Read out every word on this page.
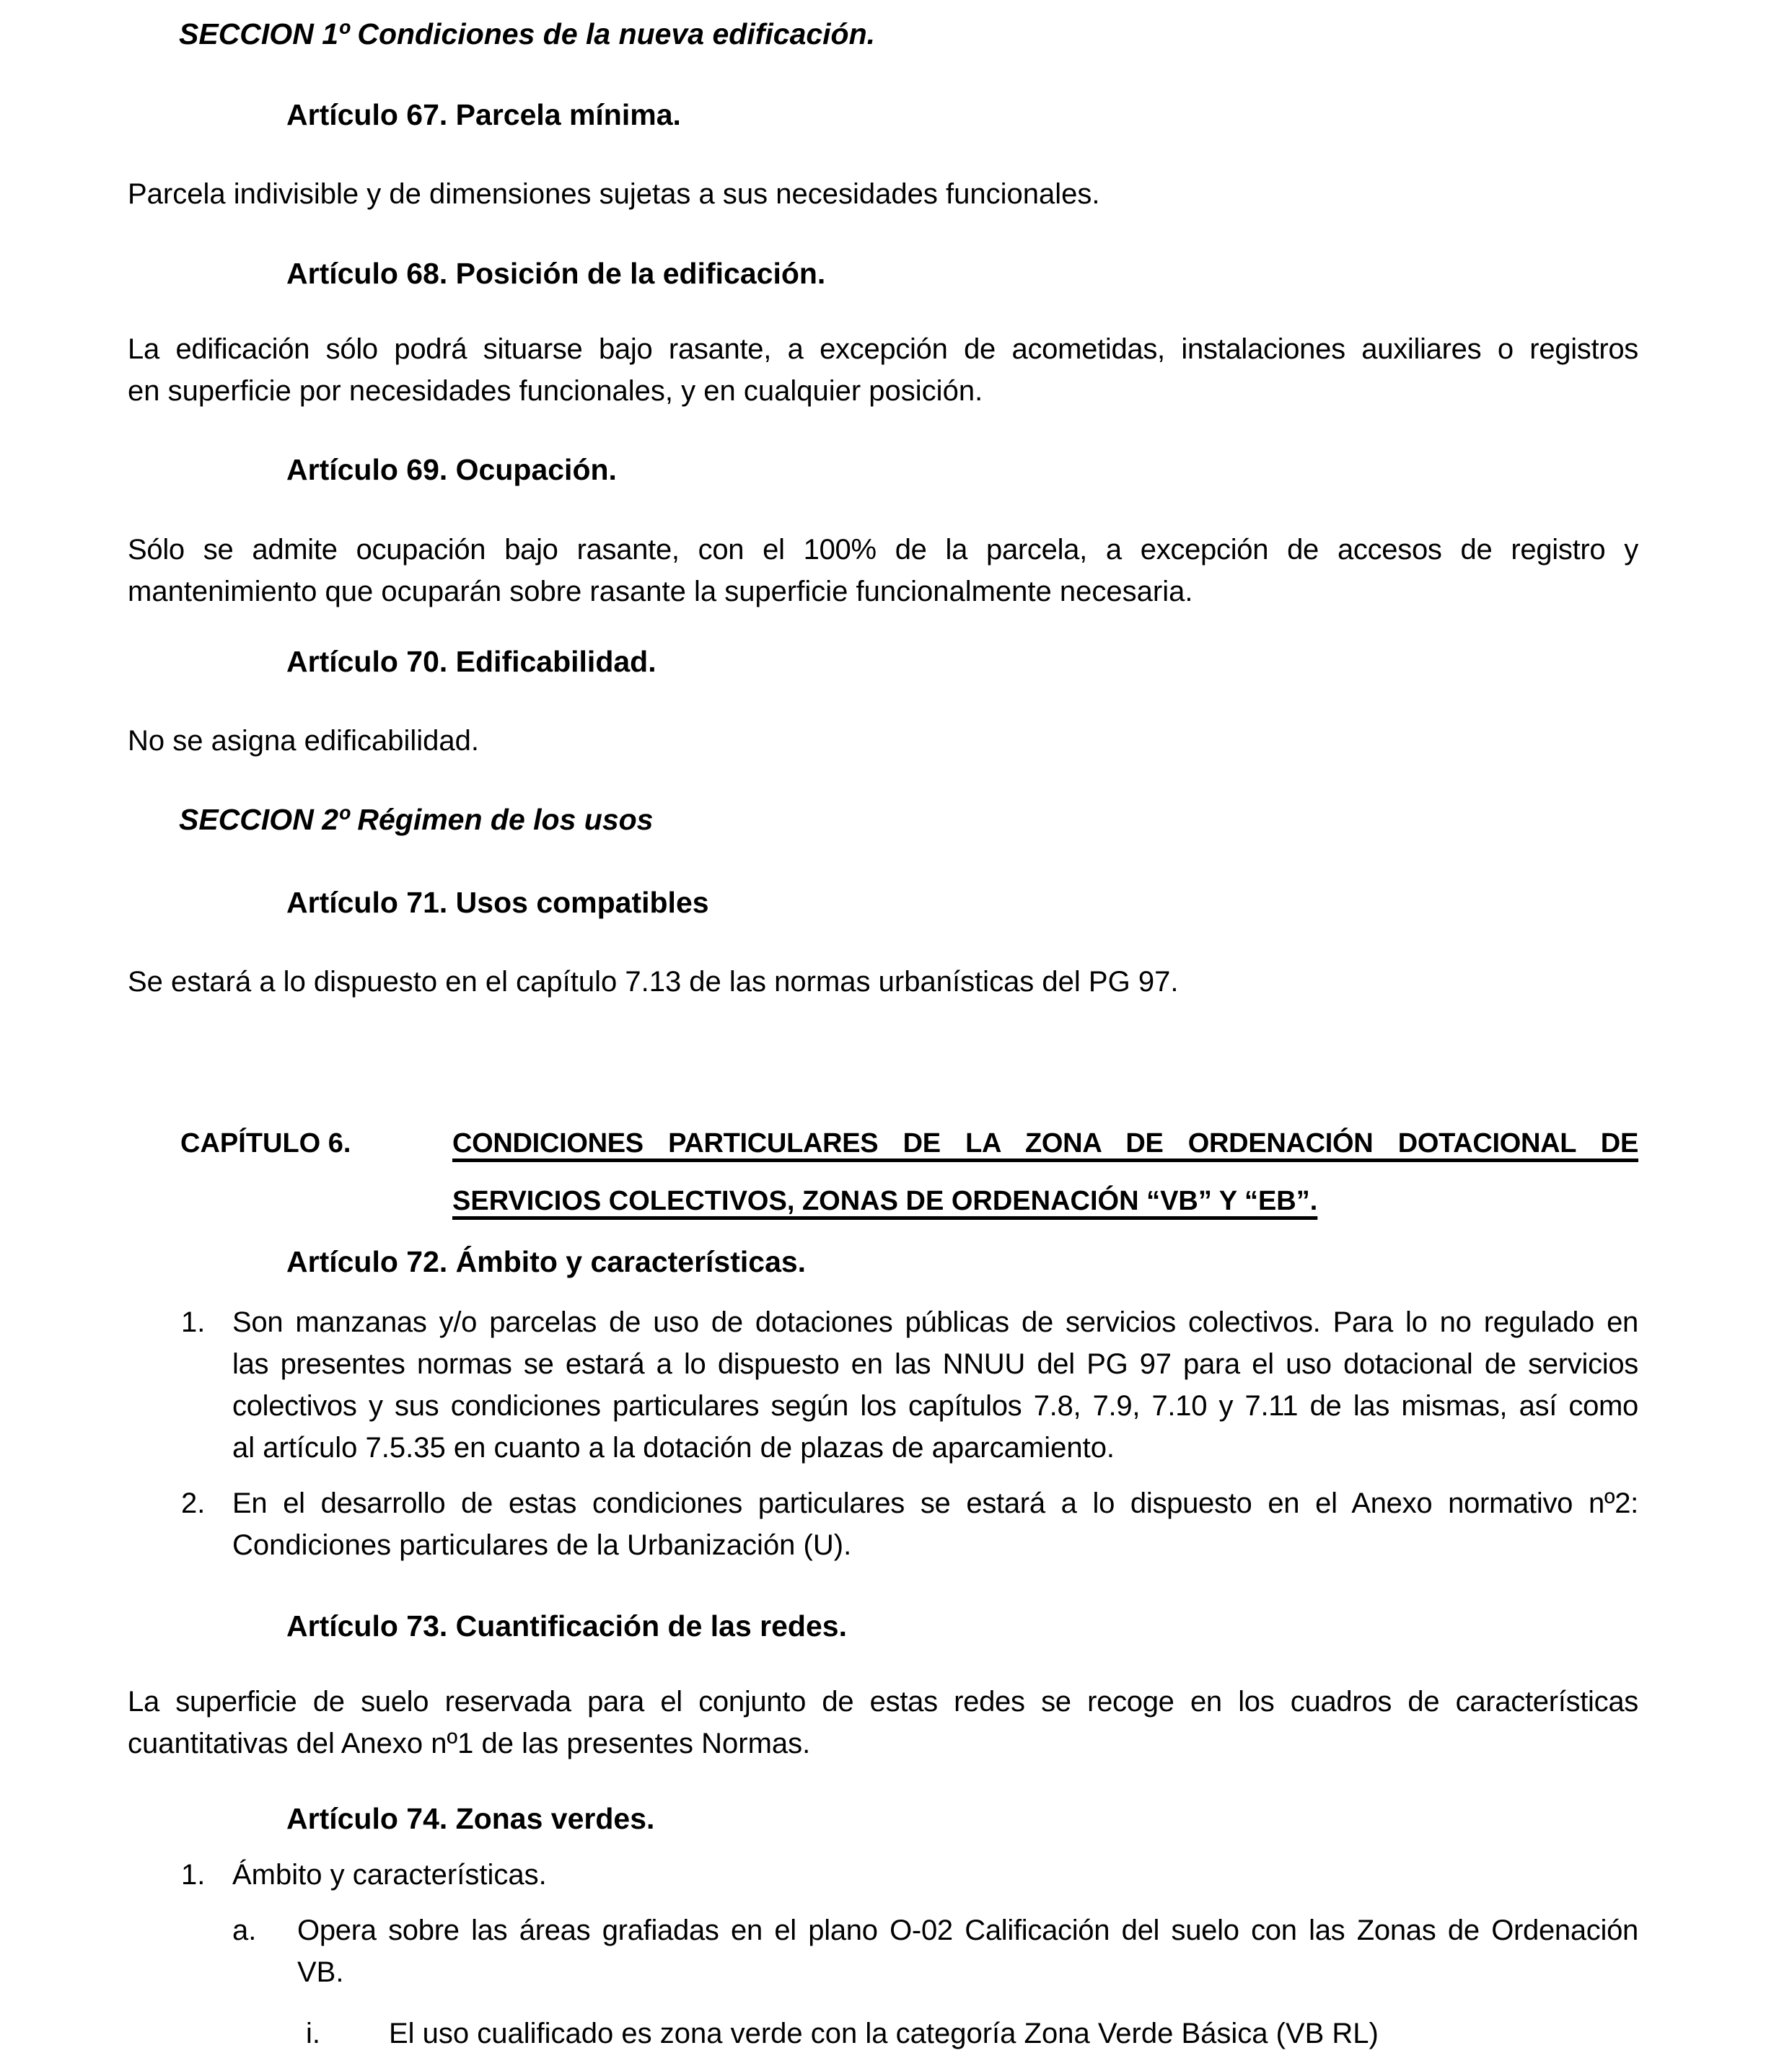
SECCION 1º Condiciones de la nueva edificación.
Artículo 67. Parcela mínima.
Parcela indivisible y de dimensiones sujetas a sus necesidades funcionales.
Artículo 68. Posición de la edificación.
La edificación sólo podrá situarse bajo rasante, a excepción de acometidas, instalaciones auxiliares o registros
en superficie por necesidades funcionales, y en cualquier posición.
Artículo 69. Ocupación.
Sólo se admite ocupación bajo rasante, con el 100% de la parcela, a excepción de accesos de registro y
mantenimiento que ocuparán sobre rasante la superficie funcionalmente necesaria.
Artículo 70. Edificabilidad.
No se asigna edificabilidad.
SECCION 2º Régimen de los usos
Artículo 71. Usos compatibles
Se estará a lo dispuesto en el capítulo 7.13 de las normas urbanísticas del PG 97.
CAPÍTULO 6.	CONDICIONES PARTICULARES DE LA ZONA DE ORDENACIÓN DOTACIONAL DE
SERVICIOS COLECTIVOS, ZONAS DE ORDENACIÓN “VB” Y “EB”.
Artículo 72. Ámbito y características.
1. Son manzanas y/o parcelas de uso de dotaciones públicas de servicios colectivos. Para lo no regulado en
las presentes normas se estará a lo dispuesto en las NNUU del PG 97 para el uso dotacional de servicios
colectivos y sus condiciones particulares según los capítulos 7.8, 7.9, 7.10 y 7.11 de las mismas, así como
al artículo 7.5.35 en cuanto a la dotación de plazas de aparcamiento.
2. En el desarrollo de estas condiciones particulares se estará a lo dispuesto en el Anexo normativo nº2:
Condiciones particulares de la Urbanización (U).
Artículo 73. Cuantificación de las redes.
La superficie de suelo reservada para el conjunto de estas redes se recoge en los cuadros de características
cuantitativas del Anexo nº1 de las presentes Normas.
Artículo 74. Zonas verdes.
1. Ámbito y características.
a.	Opera sobre las áreas grafiadas en el plano O-02 Calificación del suelo con las Zonas de Ordenación
VB.
i.	El uso cualificado es zona verde con la categoría Zona Verde Básica (VB RL)
